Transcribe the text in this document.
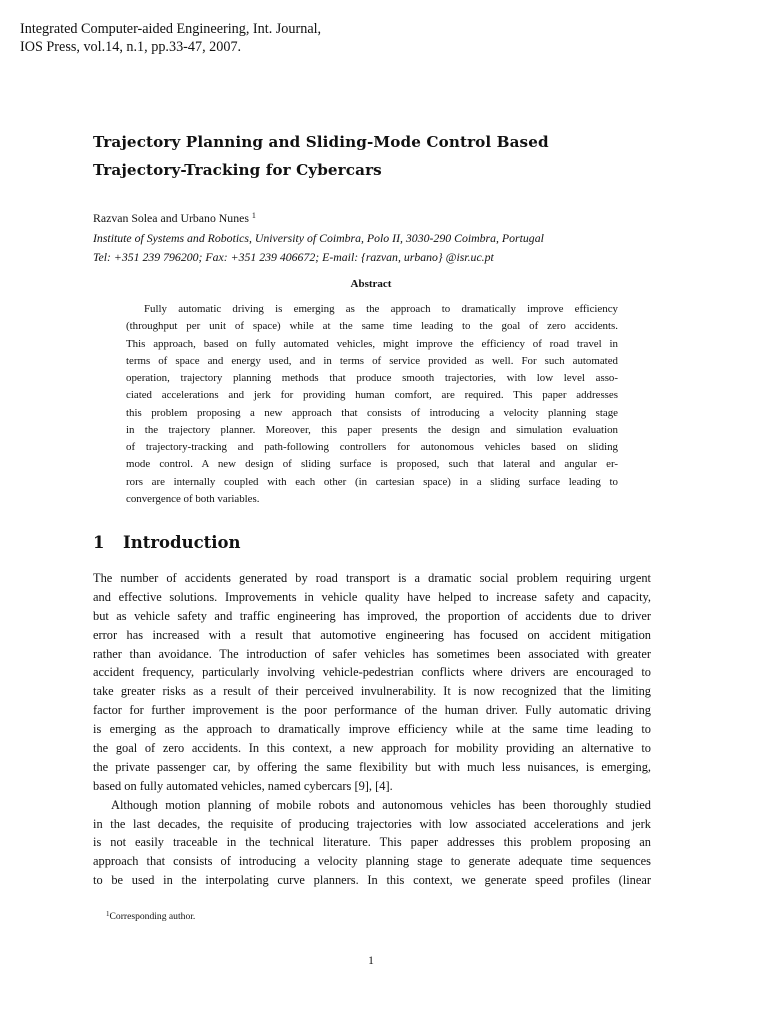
Integrated Computer-aided Engineering, Int. Journal,
IOS Press, vol.14, n.1, pp.33-47, 2007.
Trajectory Planning and Sliding-Mode Control Based
Trajectory-Tracking for Cybercars
Razvan Solea and Urbano Nunes $^1$
Institute of Systems and Robotics, University of Coimbra, Polo II, 3030-290 Coimbra, Portugal
Tel: +351 239 796200; Fax: +351 239 406672; E-mail: {razvan, urbano} @isr.uc.pt
Abstract
Fully automatic driving is emerging as the approach to dramatically improve efficiency
(throughput per unit of space) while at the same time leading to the goal of zero accidents.
This approach, based on fully automated vehicles, might improve the efficiency of road travel in
terms of space and energy used, and in terms of service provided as well. For such automated
operation, trajectory planning methods that produce smooth trajectories, with low level asso-
ciated accelerations and jerk for providing human comfort, are required. This paper addresses
this problem proposing a new approach that consists of introducing a velocity planning stage
in the trajectory planner. Moreover, this paper presents the design and simulation evaluation
of trajectory-tracking and path-following controllers for autonomous vehicles based on sliding
mode control. A new design of sliding surface is proposed, such that lateral and angular er-
rors are internally coupled with each other (in cartesian space) in a sliding surface leading to
convergence of both variables.
1 Introduction
The number of accidents generated by road transport is a dramatic social problem requiring urgent
and effective solutions. Improvements in vehicle quality have helped to increase safety and capacity,
but as vehicle safety and traffic engineering has improved, the proportion of accidents due to driver
error has increased with a result that automotive engineering has focused on accident mitigation
rather than avoidance. The introduction of safer vehicles has sometimes been associated with greater
accident frequency, particularly involving vehicle-pedestrian conflicts where drivers are encouraged to
take greater risks as a result of their perceived invulnerability. It is now recognized that the limiting
factor for further improvement is the poor performance of the human driver. Fully automatic driving
is emerging as the approach to dramatically improve efficiency while at the same time leading to
the goal of zero accidents. In this context, a new approach for mobility providing an alternative to
the private passenger car, by offering the same flexibility but with much less nuisances, is emerging,
based on fully automated vehicles, named cybercars [9], [4].
Although motion planning of mobile robots and autonomous vehicles has been thoroughly studied
in the last decades, the requisite of producing trajectories with low associated accelerations and jerk
is not easily traceable in the technical literature. This paper addresses this problem proposing an
approach that consists of introducing a velocity planning stage to generate adequate time sequences
to be used in the interpolating curve planners. In this context, we generate speed profiles (linear
$^1$Corresponding author.
1
